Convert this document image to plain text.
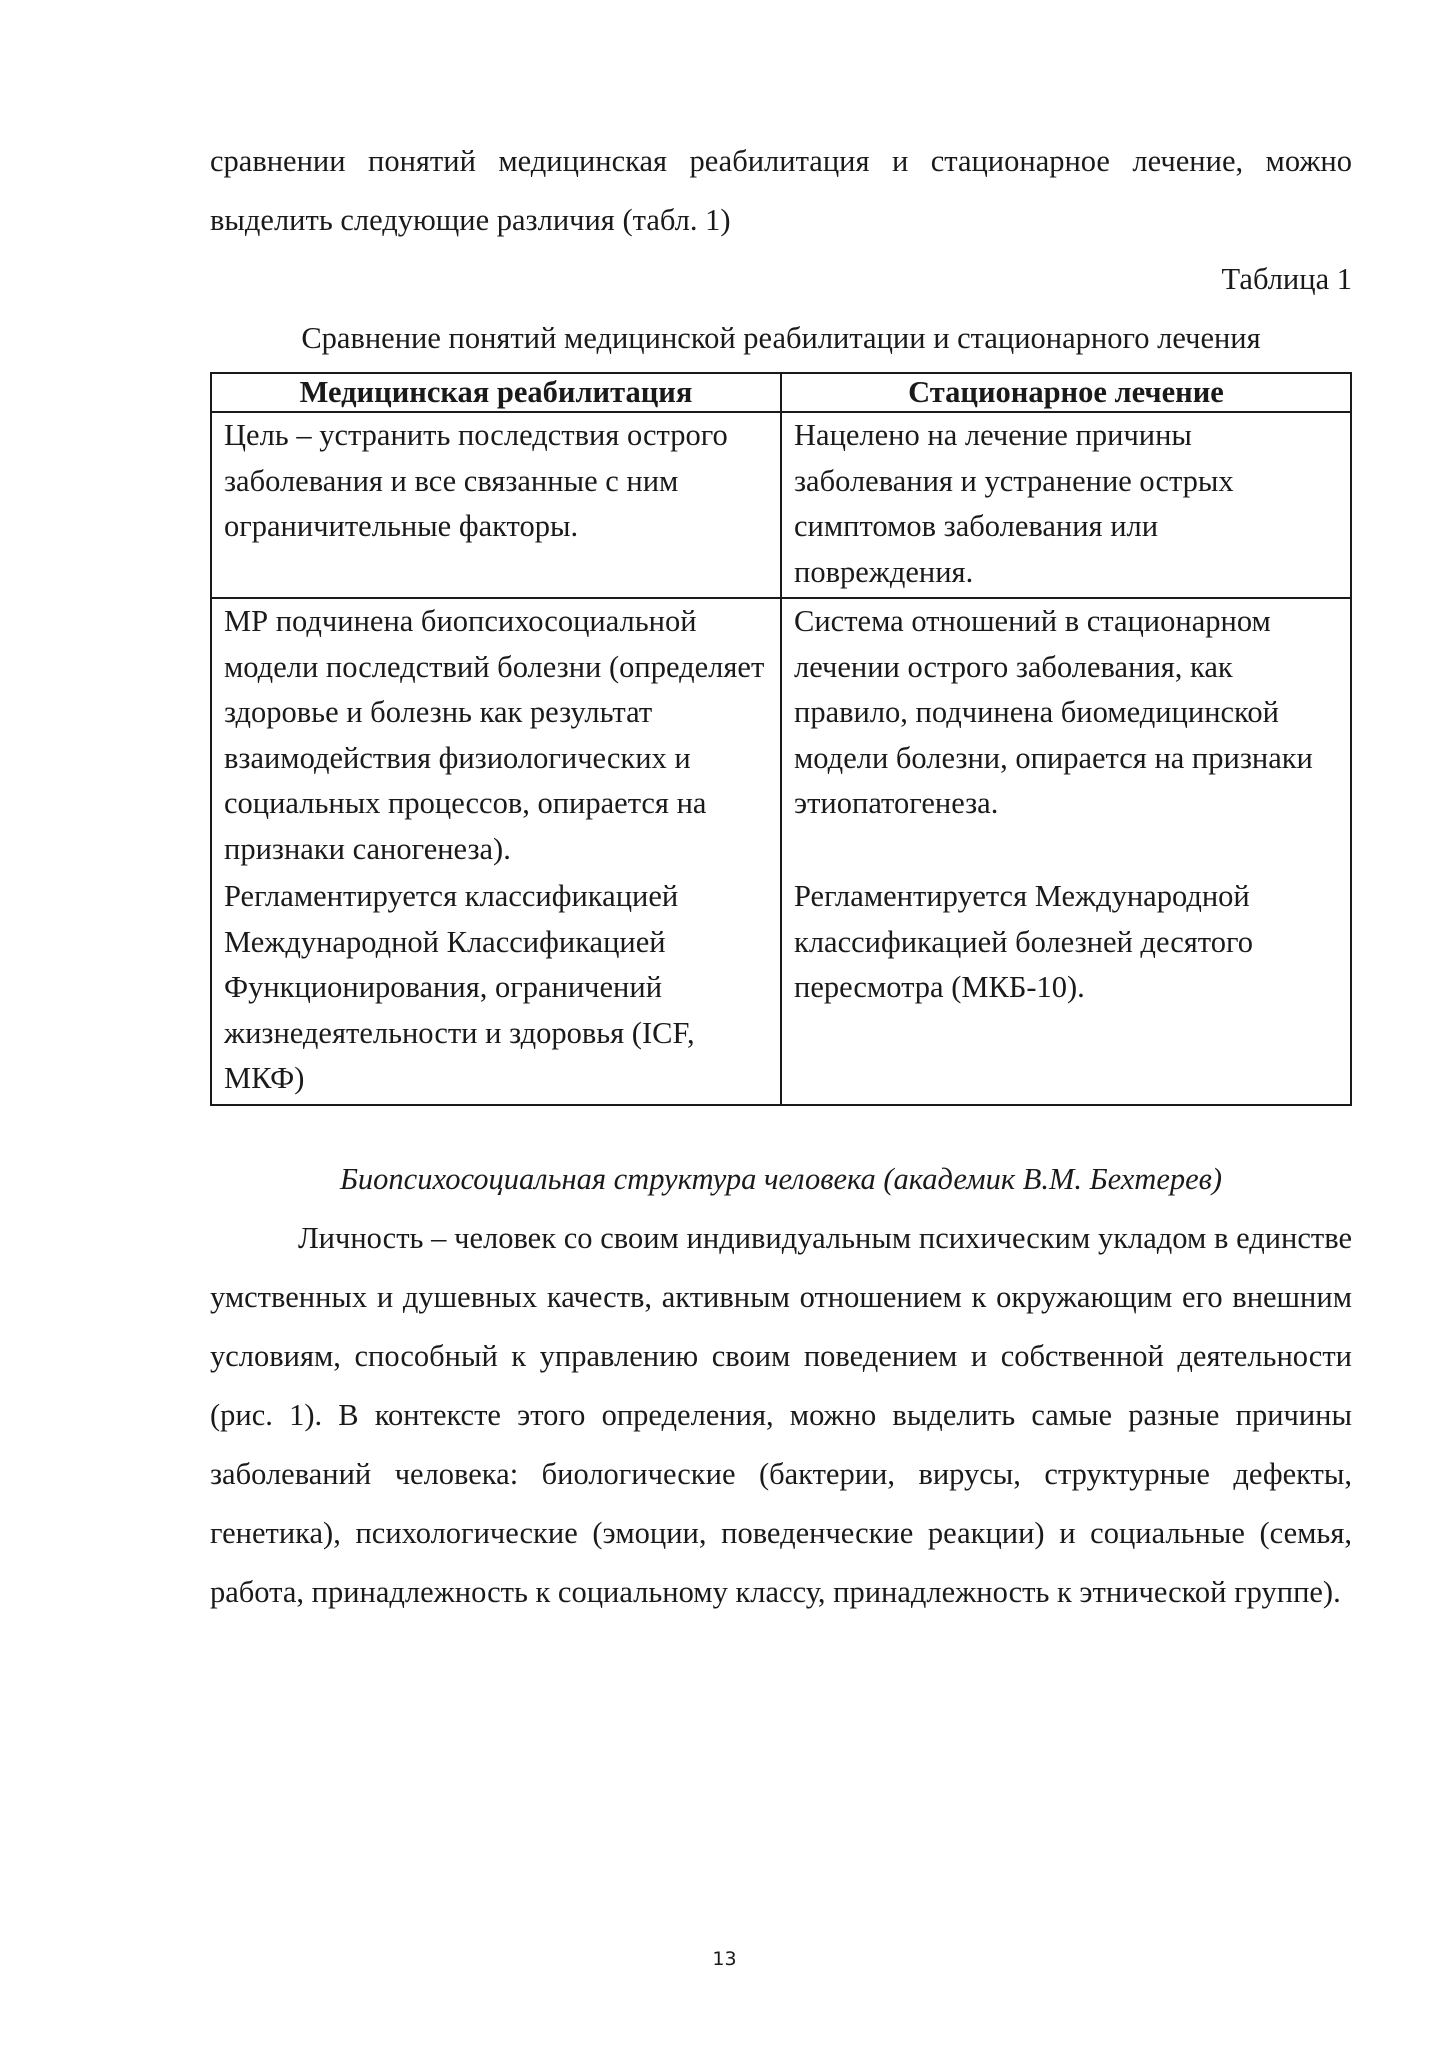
сравнении понятий медицинская реабилитация и стационарное лечение, можно выделить следующие различия (табл. 1)

Таблица 1

Сравнение понятий медицинской реабилитации и стационарного лечения

Медицинская реабилитация	Стационарное лечение

Цель – устранить последствия острого заболевания и все связанные с ним ограничительные факторы.	Нацелено на лечение причины заболевания и устранение острых симптомов заболевания или повреждения.

МР подчинена биопсихосоциальной модели последствий болезни (определяет здоровье и болезнь как результат взаимодействия физиологических и социальных процессов, опирается на признаки саногенеза).	Система отношений в стационарном лечении острого заболевания, как правило, подчинена биомедицинской модели болезни, опирается на признаки этиопатогенеза.

Регламентируется классификацией Международной Классификацией Функционирования, ограничений жизнедеятельности и здоровья (ICF, МКФ)	Регламентируется Международной классификацией болезней десятого пересмотра (МКБ-10).

Биопсихосоциальная структура человека (академик В.М. Бехтерев)

Личность – человек со своим индивидуальным психическим укладом в единстве умственных и душевных качеств, активным отношением к окружающим его внешним условиям, способный к управлению своим поведением и собственной деятельности (рис. 1). В контексте этого определения, можно выделить самые разные причины заболеваний человека: биологические (бактерии, вирусы, структурные дефекты, генетика), психологические (эмоции, поведенческие реакции) и социальные (семья, работа, принадлежность к социальному классу, принадлежность к этнической группе).

13
